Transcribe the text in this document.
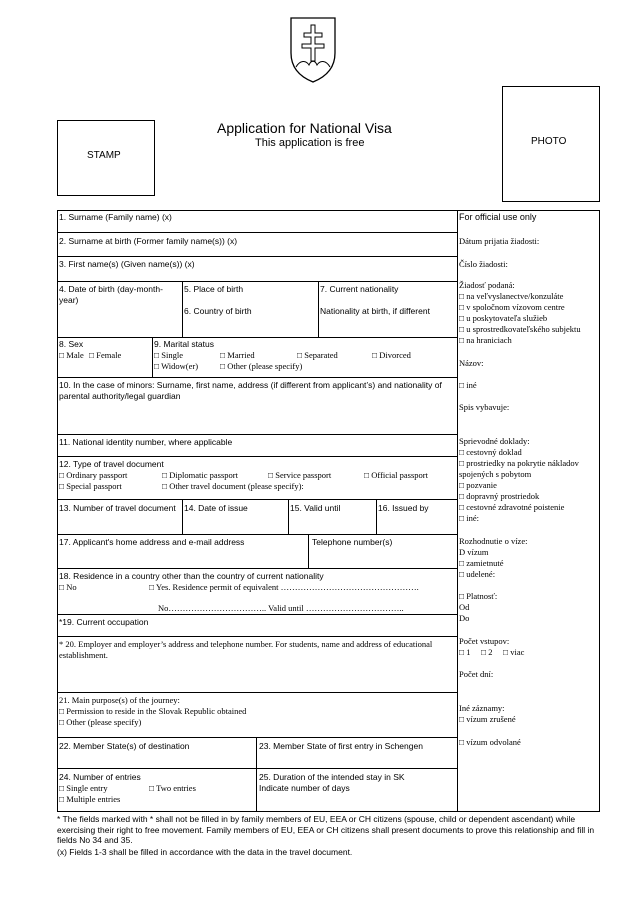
Application for National Visa
This application is free
STAMP
PHOTO
1. Surname (Family name) (x)
2. Surname at birth (Former family name(s)) (x)
3. First name(s) (Given name(s)) (x)
4. Date of birth (day-month-year)
5. Place of birth
6. Country of birth
7. Current nationality
Nationality at birth, if different
8. Sex
□ Male □ Female
9. Marital status
□ Single	□ Married	□ Separated	□ Divorced
□ Widow(er)	□ Other (please specify)
10. In the case of minors: Surname, first name, address (if different from applicant’s) and nationality of parental authority/legal guardian
11. National identity number, where applicable
12. Type of travel document
□ Ordinary passport	□ Diplomatic passport	□ Service passport	□ Official passport
□ Special passport	□ Other travel document (please specify):
13. Number of travel document 14. Date of issue	15. Valid until	16. Issued by
17. Applicant's home address and e-mail address	Telephone number(s)
18. Residence in a country other than the country of current nationality
□ No	□ Yes. Residence permit of equivalent ………………………………………….
No…………………………….. Valid until ……………………………..
*19. Current occupation
* 20. Employer and employer’s address and telephone number. For students, name and address of educational establishment.
21. Main purpose(s) of the journey:
□ Permission to reside in the Slovak Republic obtained
□ Other (please specify)
22. Member State(s) of destination	23. Member State of first entry in Schengen
24. Number of entries
□ Single entry	□ Two entries
□ Multiple entries
25. Duration of the intended stay in SK
Indicate number of days
For official use only
Dátum prijatia žiadosti:
Číslo žiadosti:
Žiadosť podaná:
□ na veľvyslanectve/konzuláte
□ v spoločnom vízovom centre
□ u poskytovateľa služieb
□ u sprostredkovateľského subjektu
□ na hraniciach
Názov:
□ iné
Spis vybavuje:
Sprievodné doklady:
□ cestovný doklad
□ prostriedky na pokrytie nákladov spojených s pobytom
□ pozvanie
□ dopravný prostriedok
□ cestovné zdravotné poistenie
□ iné:
Rozhodnutie o víze:
D vízum
□ zamietnuté
□ udelené:
□ Platnosť:
Od
Do
Počet vstupov:
□ 1 □ 2 □ viac
Počet dní:
Iné záznamy:
□ vízum zrušené
□ vízum odvolané
* The fields marked with * shall not be filled in by family members of EU, EEA or CH citizens (spouse, child or dependent ascendant) while exercising their right to free movement. Family members of EU, EEA or CH citizens shall present documents to prove this relationship and fill in fields No 34 and 35.
(x) Fields 1-3 shall be filled in accordance with the data in the travel document.
